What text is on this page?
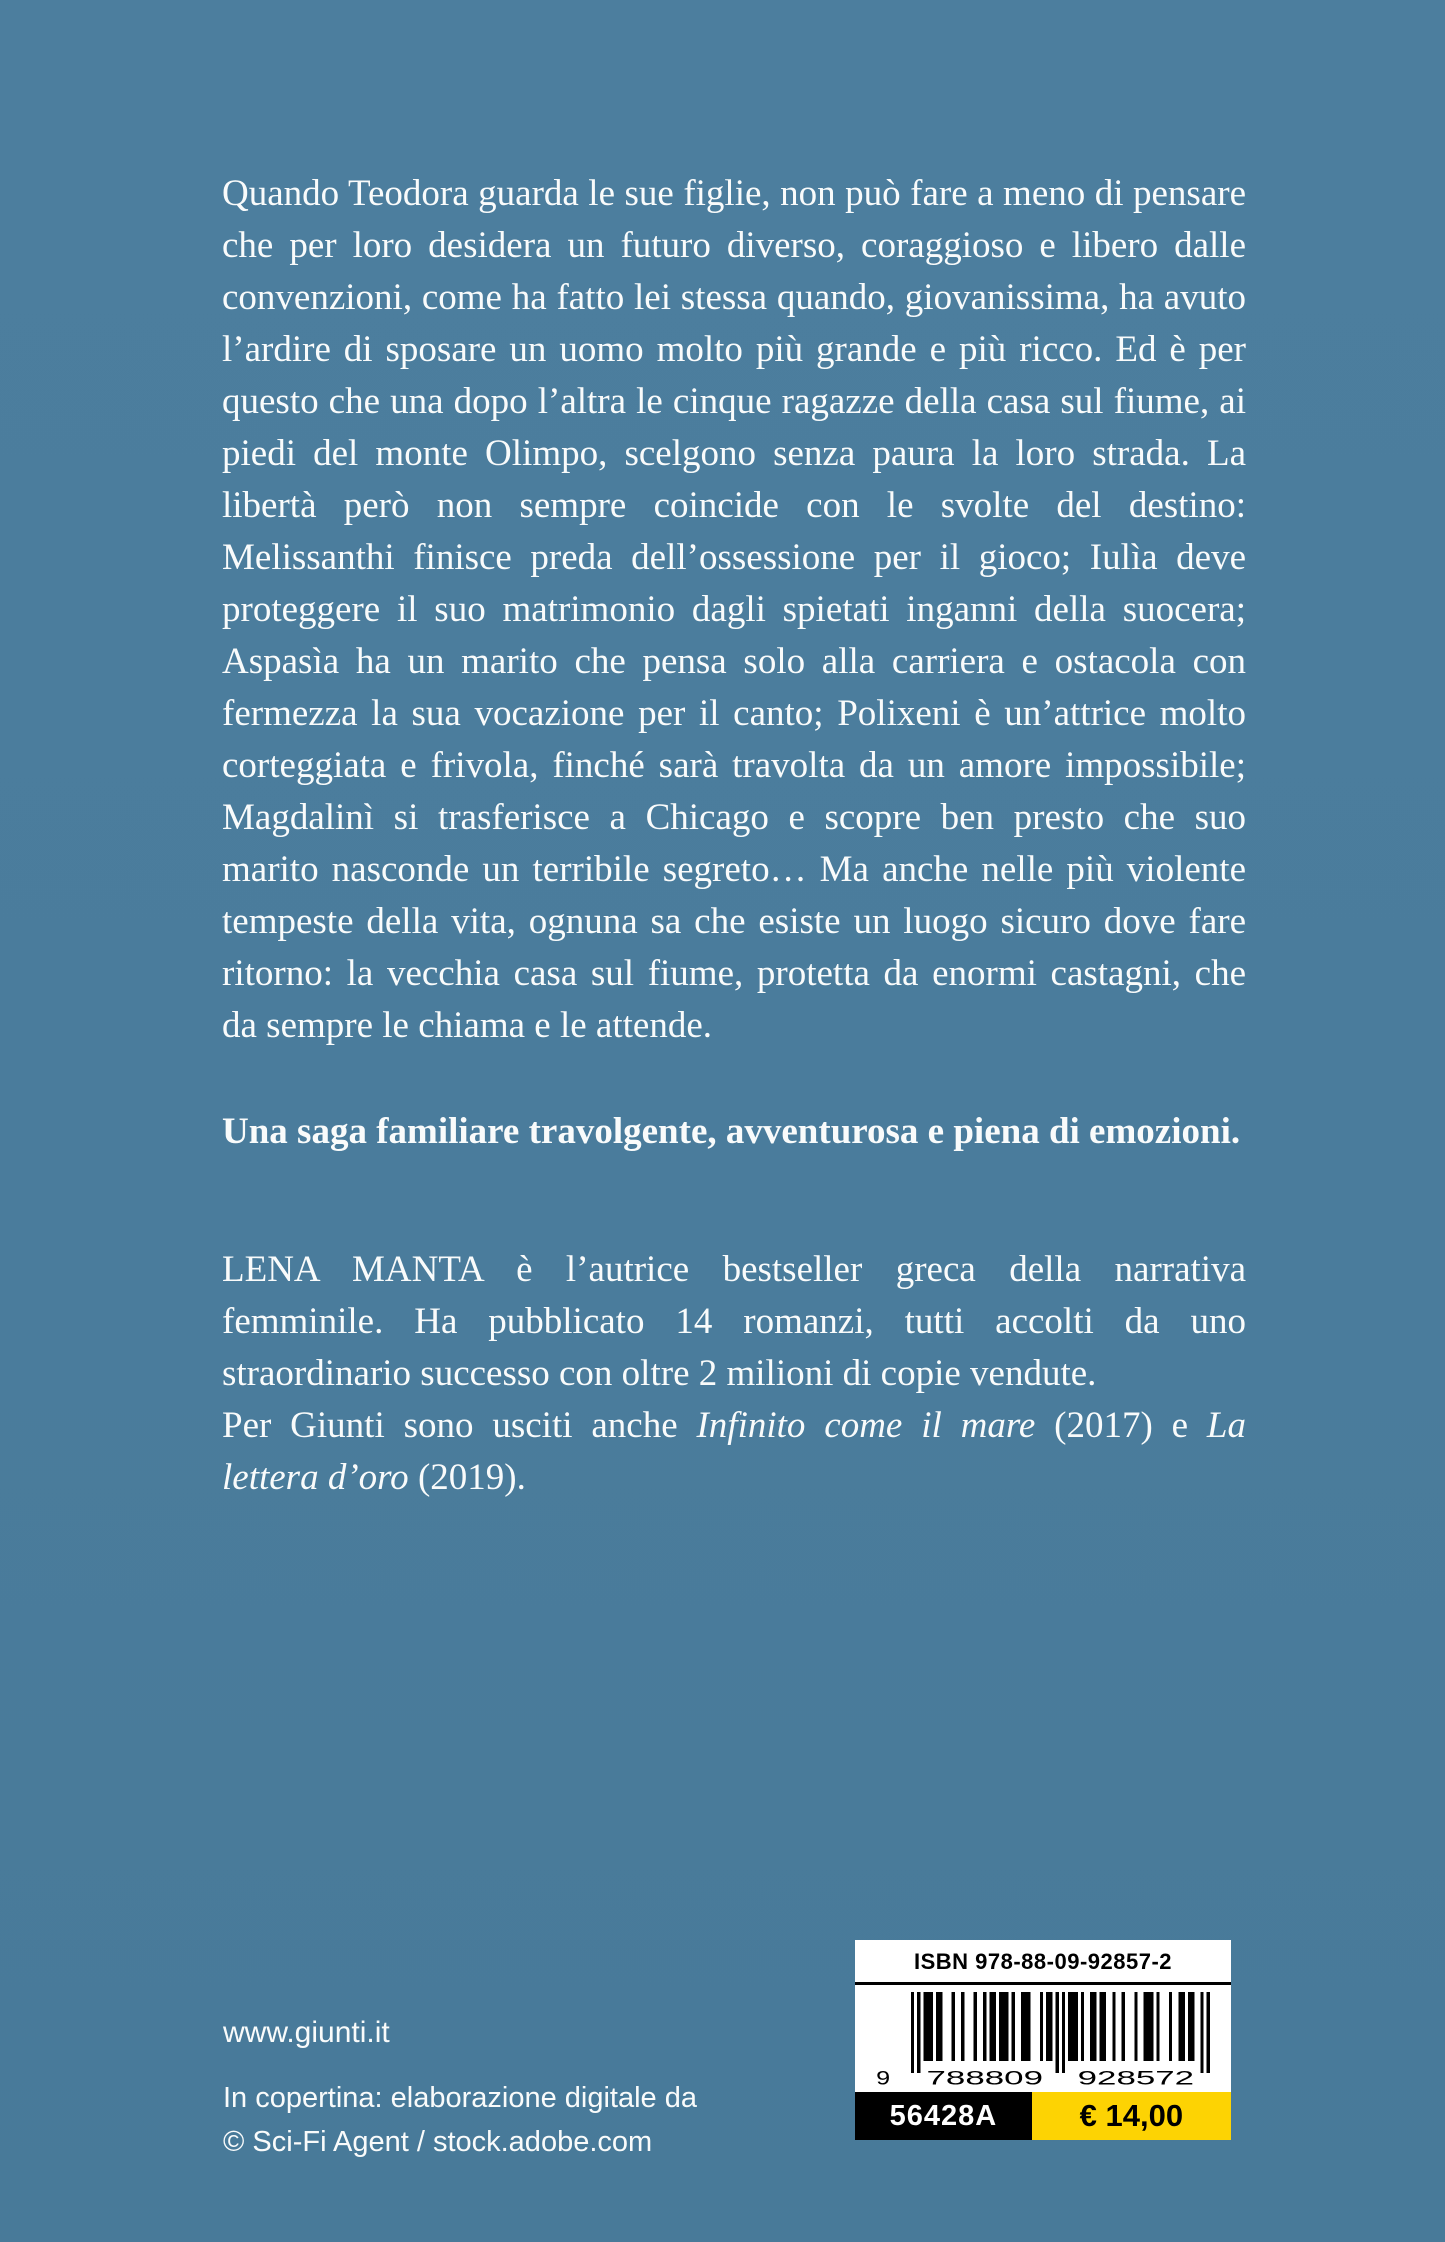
Quando Teodora guarda le sue figlie, non può fare a meno di pensare che per loro desidera un futuro diverso, coraggioso e libero dalle convenzioni, come ha fatto lei stessa quando, giovanissima, ha avuto l’ardire di sposare un uomo molto più grande e più ricco. Ed è per questo che una dopo l’altra le cinque ragazze della casa sul fiume, ai piedi del monte Olimpo, scelgono senza paura la loro strada. La libertà però non sempre coincide con le svolte del destino: Melissanthi finisce preda dell’ossessione per il gioco; Iulìa deve proteggere il suo matrimonio dagli spietati inganni della suocera; Aspasìa ha un marito che pensa solo alla carriera e ostacola con fermezza la sua vocazione per il canto; Polixeni è un’attrice molto corteggiata e frivola, finché sarà travolta da un amore impossibile; Magdalinì si trasferisce a Chicago e scopre ben presto che suo marito nasconde un terribile segreto… Ma anche nelle più violente tempeste della vita, ognuna sa che esiste un luogo sicuro dove fare ritorno: la vecchia casa sul fiume, protetta da enormi castagni, che da sempre le chiama e le attende.

Una saga familiare travolgente, avventurosa e piena di emozioni.

LENA MANTA è l’autrice bestseller greca della narrativa femminile. Ha pubblicato 14 romanzi, tutti accolti da uno straordinario successo con oltre 2 milioni di copie vendute.
Per Giunti sono usciti anche Infinito come il mare (2017) e La lettera d’oro (2019).

www.giunti.it
In copertina: elaborazione digitale da
© Sci-Fi Agent / stock.adobe.com
ISBN 978-88-09-92857-2
9	788809	928572
56428A	€ 14,00
